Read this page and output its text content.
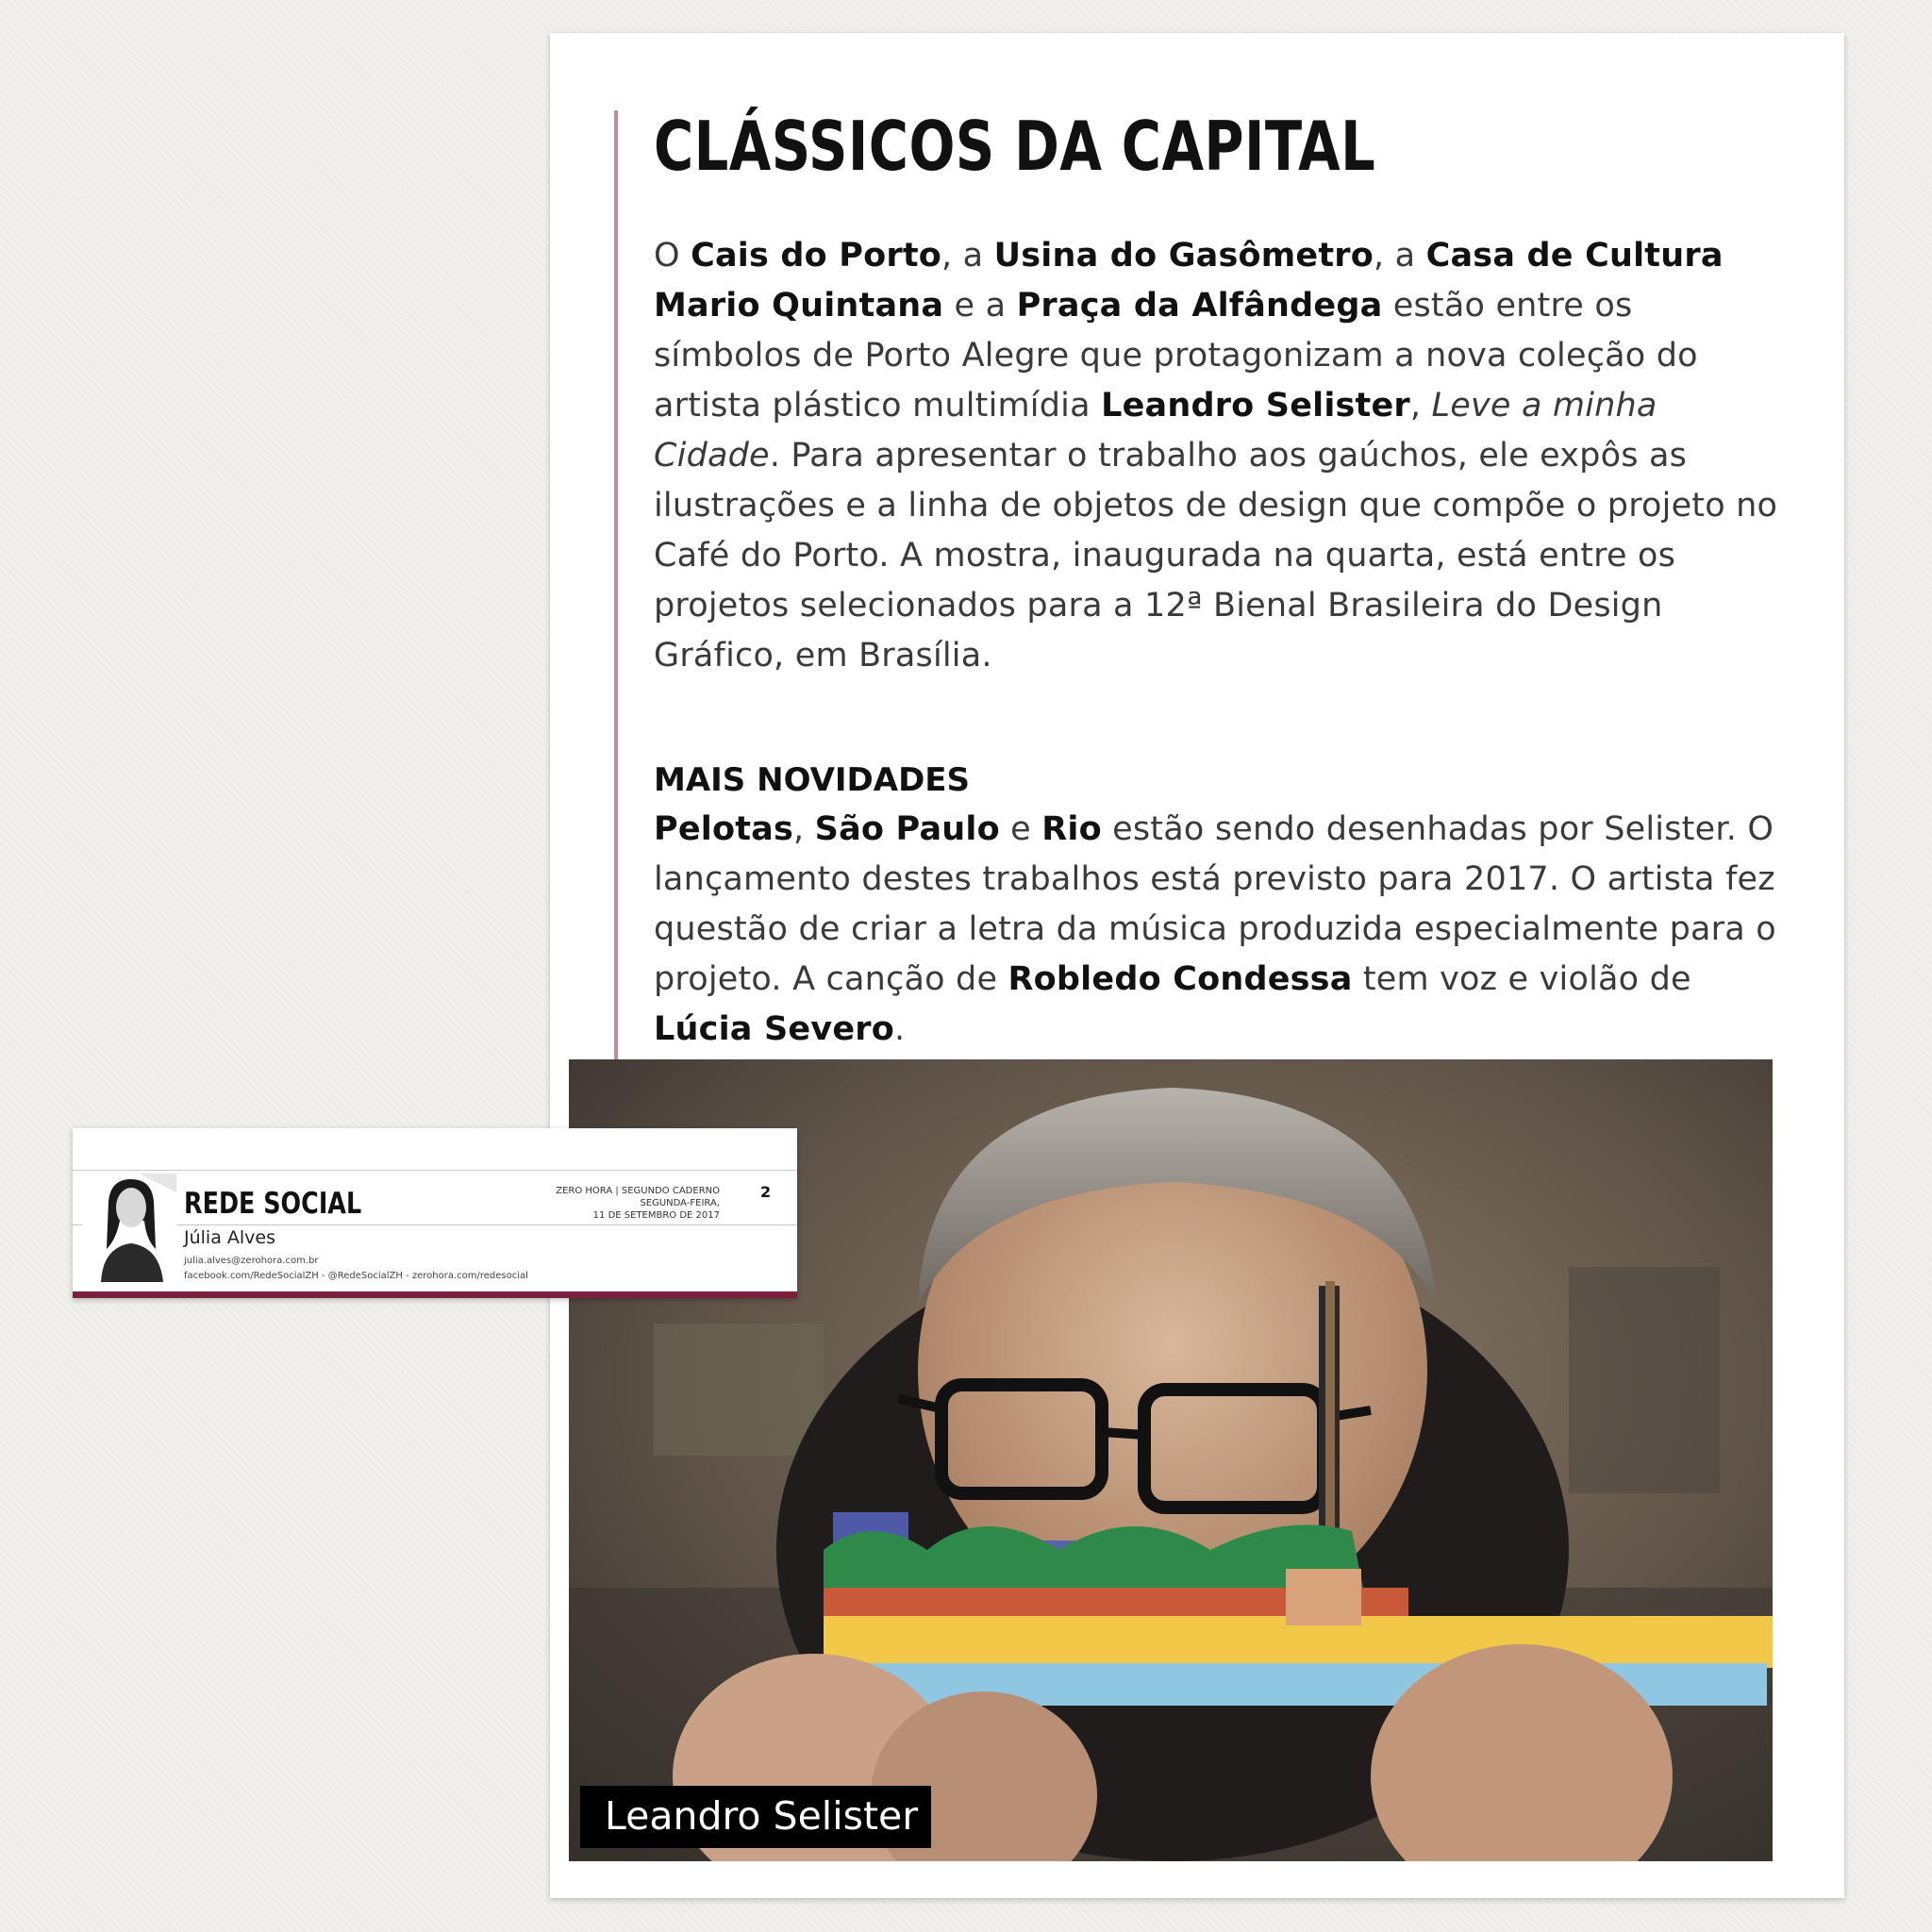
CLÁSSICOS DA CAPITAL

O Cais do Porto, a Usina do Gasômetro, a Casa de Cultura Mario Quintana e a Praça da Alfândega estão entre os símbolos de Porto Alegre que protagonizam a nova coleção do artista plástico multimídia Leandro Selister, Leve a minha Cidade. Para apresentar o trabalho aos gaúchos, ele expôs as ilustrações e a linha de objetos de design que compõe o projeto no Café do Porto. A mostra, inaugurada na quarta, está entre os projetos selecionados para a 12ª Bienal Brasileira do Design Gráfico, em Brasília.

MAIS NOVIDADES

Pelotas, São Paulo e Rio estão sendo desenhadas por Selister. O lançamento destes trabalhos está previsto para 2017. O artista fez questão de criar a letra da música produzida especialmente para o projeto. A canção de Robledo Condessa tem voz e violão de Lúcia Severo.

Leandro Selister
REDE SOCIAL

Júlia Alves

julia.alves@zerohora.com.br

facebook.com/RedeSocialZH - @RedeSocialZH - zerohora.com/redesocial

ZERO HORA | SEGUNDO CADERNO
SEGUNDA-FEIRA,
11 DE SETEMBRO DE 2017

2
